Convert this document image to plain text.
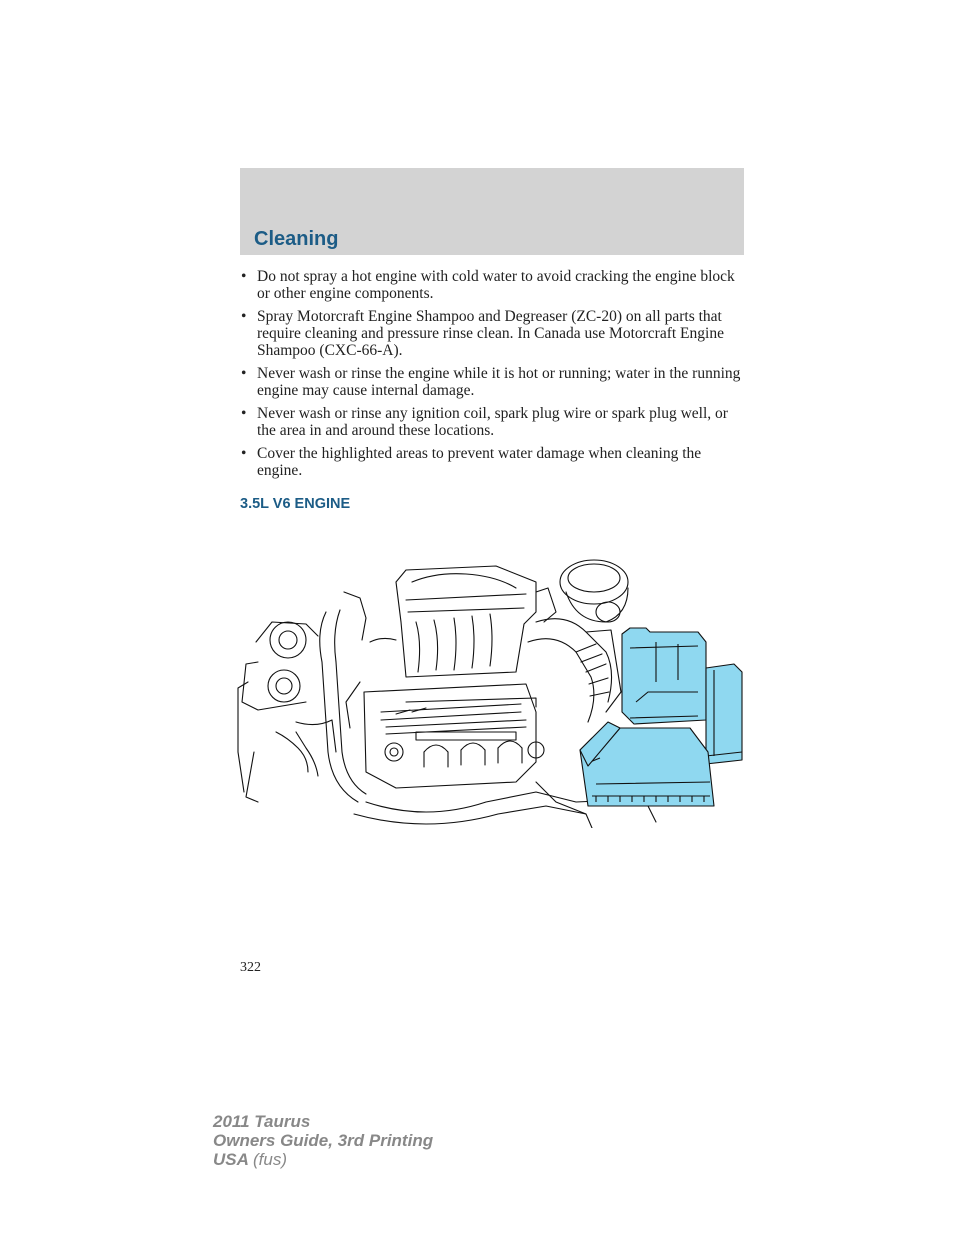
Cleaning
• Do not spray a hot engine with cold water to avoid cracking the engine block or other engine components.
• Spray Motorcraft Engine Shampoo and Degreaser (ZC-20) on all parts that require cleaning and pressure rinse clean. In Canada use Motorcraft Engine Shampoo (CXC-66-A).
• Never wash or rinse the engine while it is hot or running; water in the running engine may cause internal damage.
• Never wash or rinse any ignition coil, spark plug wire or spark plug well, or the area in and around these locations.
• Cover the highlighted areas to prevent water damage when cleaning the engine.
3.5L V6 ENGINE
322
2011 Taurus
Owners Guide, 3rd Printing
USA (fus)
